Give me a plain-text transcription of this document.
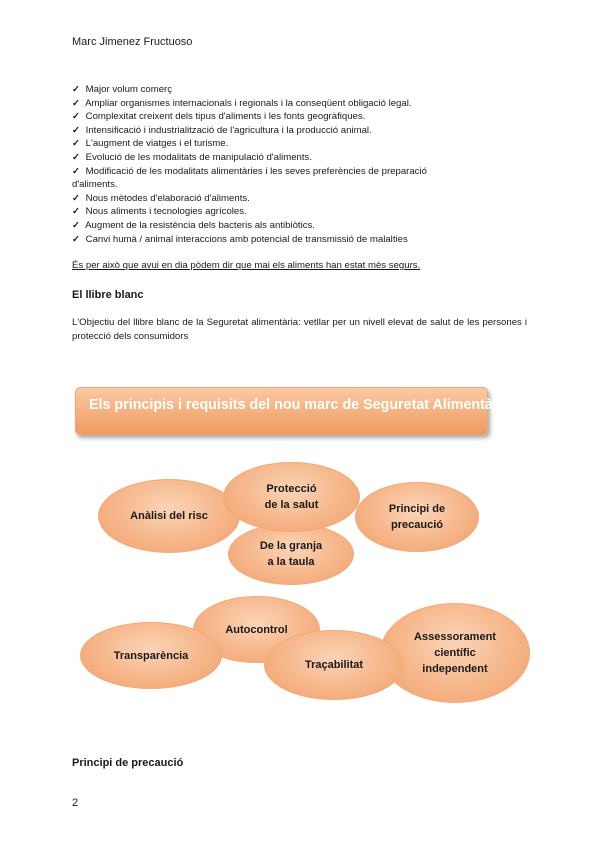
Marc Jimenez Fructuoso
✓ Major volum comerç
✓ Ampliar organismes internacionals i regionals i la conseqüent obligació legal.
✓ Complexitat creixent dels tipus d'aliments i les fonts geogràfiques.
✓ Intensificació i industrialització de l'agricultura i la producció animal.
✓ L'augment de viatges i el turisme.
✓ Evolució de les modalitats de manipulació d'aliments.
✓ Modificació de les modalitats alimentàries i les seves preferències de preparació
d'aliments.
✓ Nous mètodes d'elaboració d'aliments.
✓ Nous aliments i tecnologies agrícoles.
✓ Augment de la resistència dels bacteris als antibiòtics.
✓ Canvi humà / animal interaccions amb potencial de transmissió de malalties
És per això que avui en dia pòdem dir que mai els aliments han estat més segurs.
El llibre blanc
L'Objectiu del llibre blanc de la Seguretat alimentària: vetllar per un nivell elevat de salut de les persones i protecció dels consumidors
Els principis i requisits del nou marc de Seguretat Alimentària
Anàlisi del risc
Principi de
precaució
De la granja
a la taula
Protecció
de la salut
Autocontrol
Transparència
Assessorament
científic
independent
Traçabilitat
Principi de precaució
2
